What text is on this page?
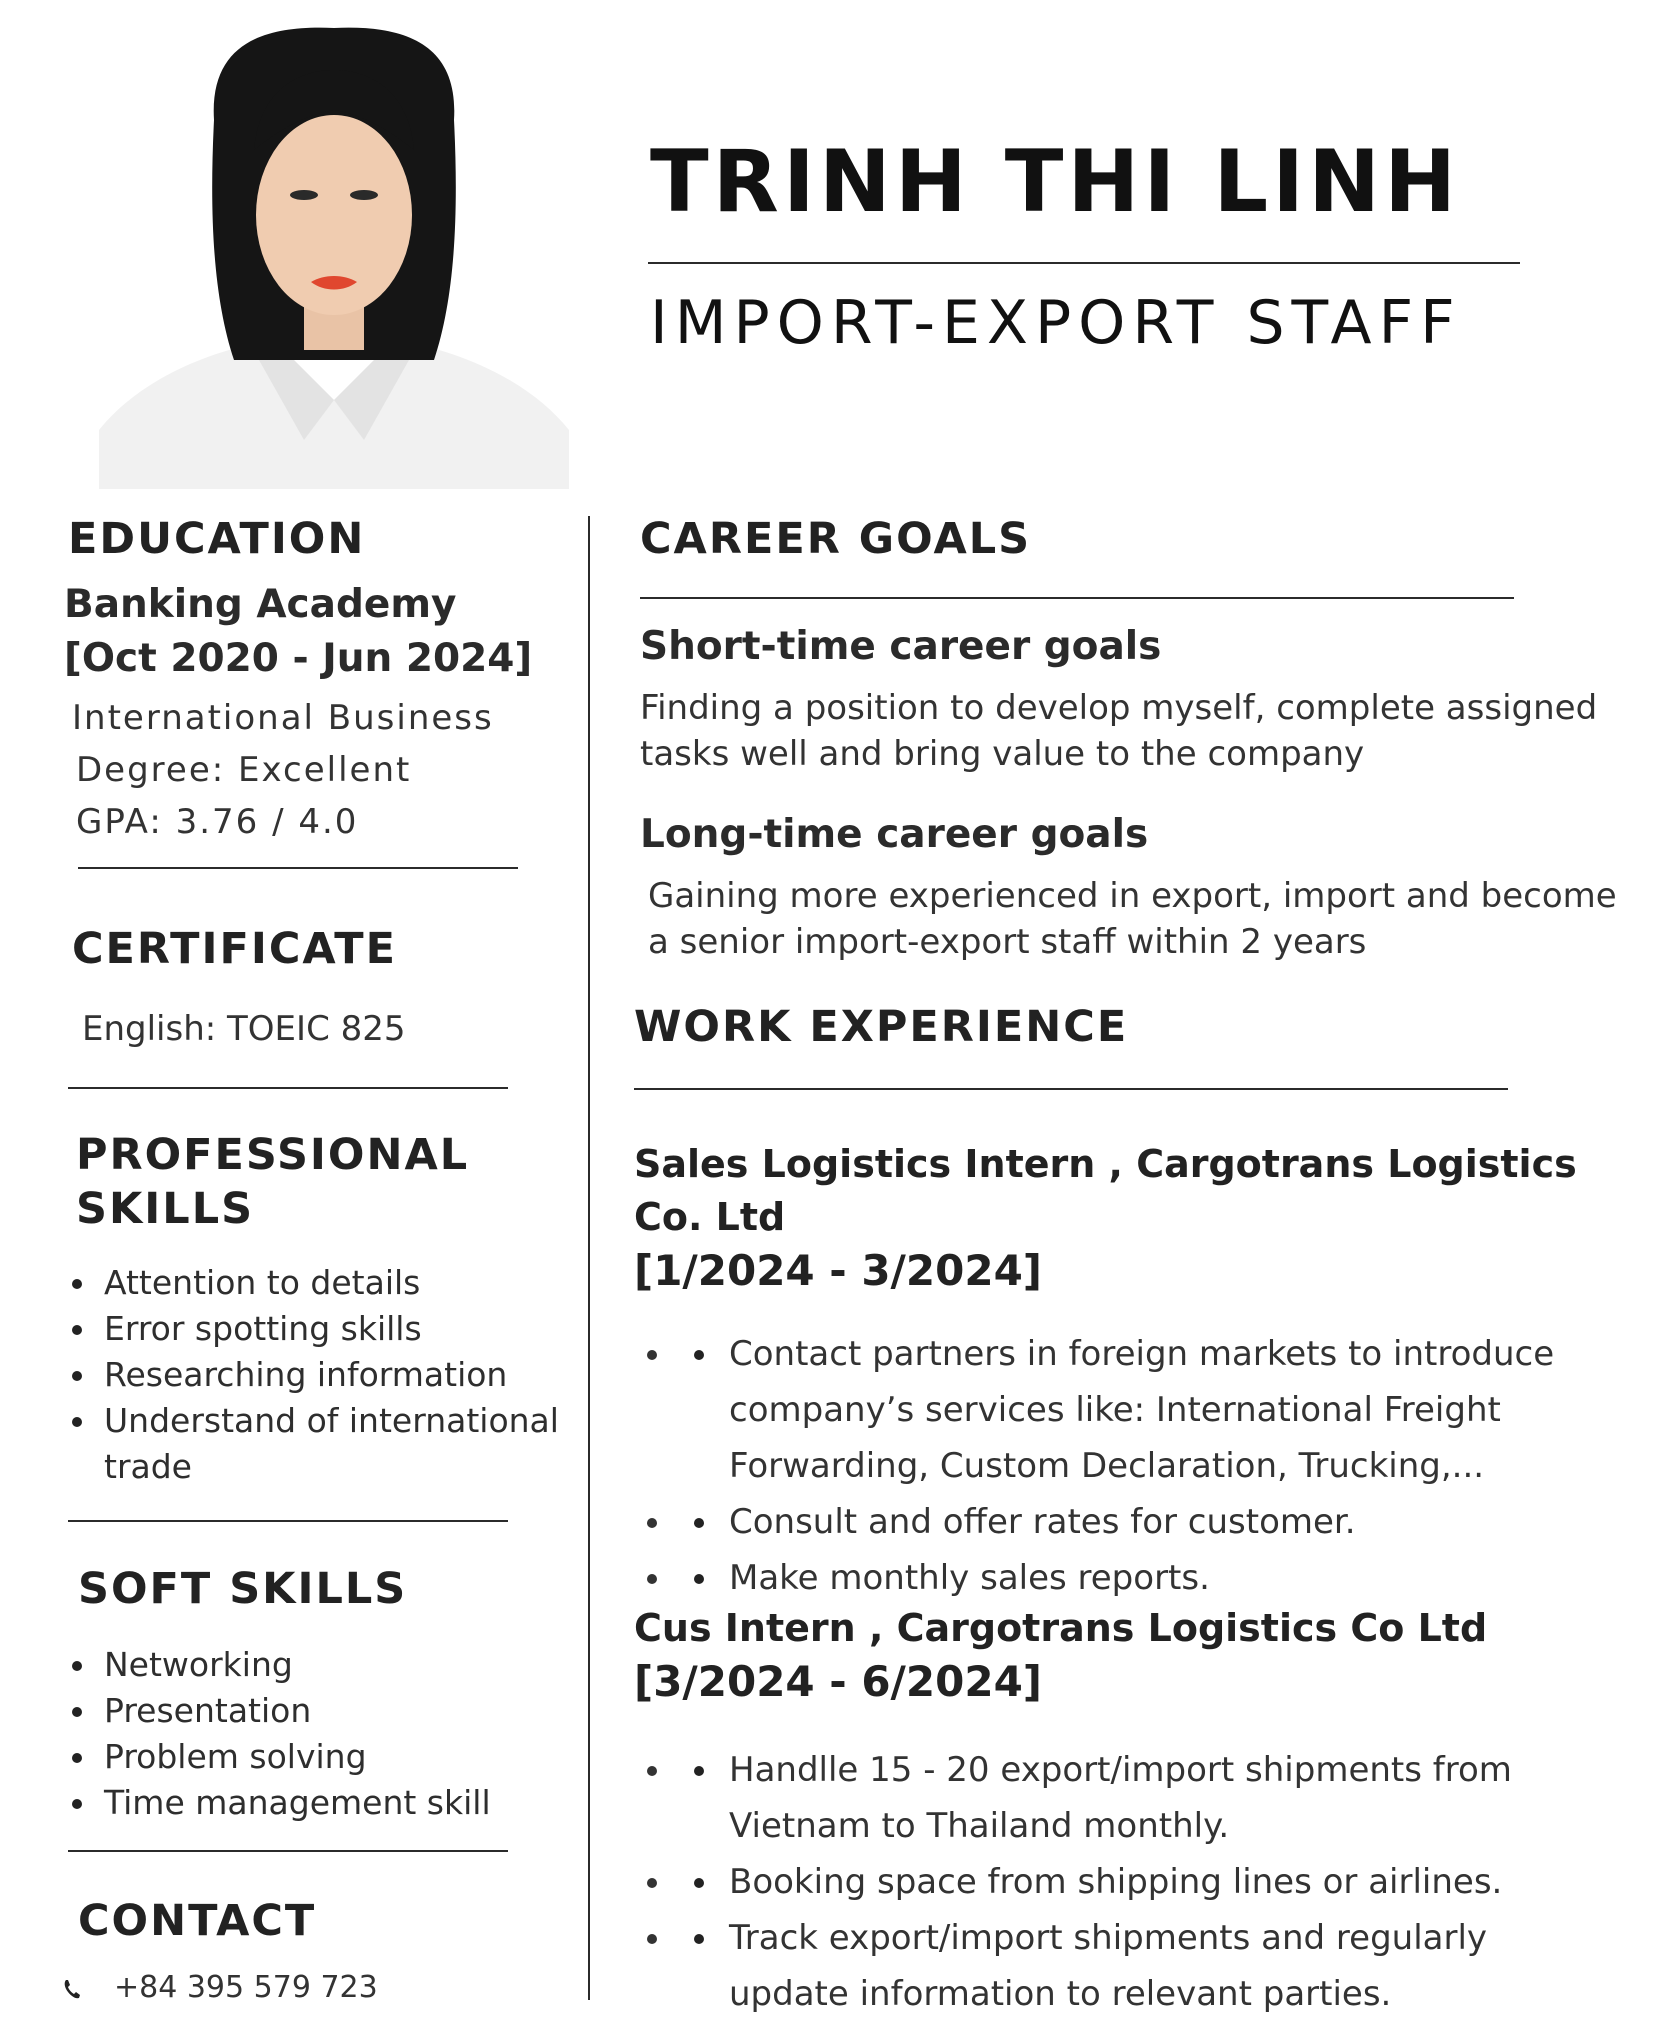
TRINH THI LINH
IMPORT-EXPORT STAFF
EDUCATION
Banking Academy
[Oct 2020 - Jun 2024]
International Business
Degree: Excellent
GPA: 3.76 / 4.0
CERTIFICATE
English: TOEIC 825
PROFESSIONAL
SKILLS
Attention to details
Error spotting skills
Researching information
Understand of international trade
SOFT SKILLS
Networking
Presentation
Problem solving
Time management skill
CONTACT
+84 395 579 723
CAREER GOALS
Short-time career goals
Finding a position to develop myself, complete assigned
tasks well and bring value to the company
Long-time career goals
Gaining more experienced in export, import and become
a senior import-export staff within 2 years
WORK EXPERIENCE
Sales Logistics Intern , Cargotrans Logistics
Co. Ltd
[1/2024 - 3/2024]
• Contact partners in foreign markets to introduce company’s services like: International Freight Forwarding, Custom Declaration, Trucking,...
• Consult and offer rates for customer.
• Make monthly sales reports.
Cus Intern , Cargotrans Logistics Co Ltd
[3/2024 - 6/2024]
• Handlle 15 - 20 export/import shipments from Vietnam to Thailand monthly.
• Booking space from shipping lines or airlines.
• Track export/import shipments and regularly update information to relevant parties.
